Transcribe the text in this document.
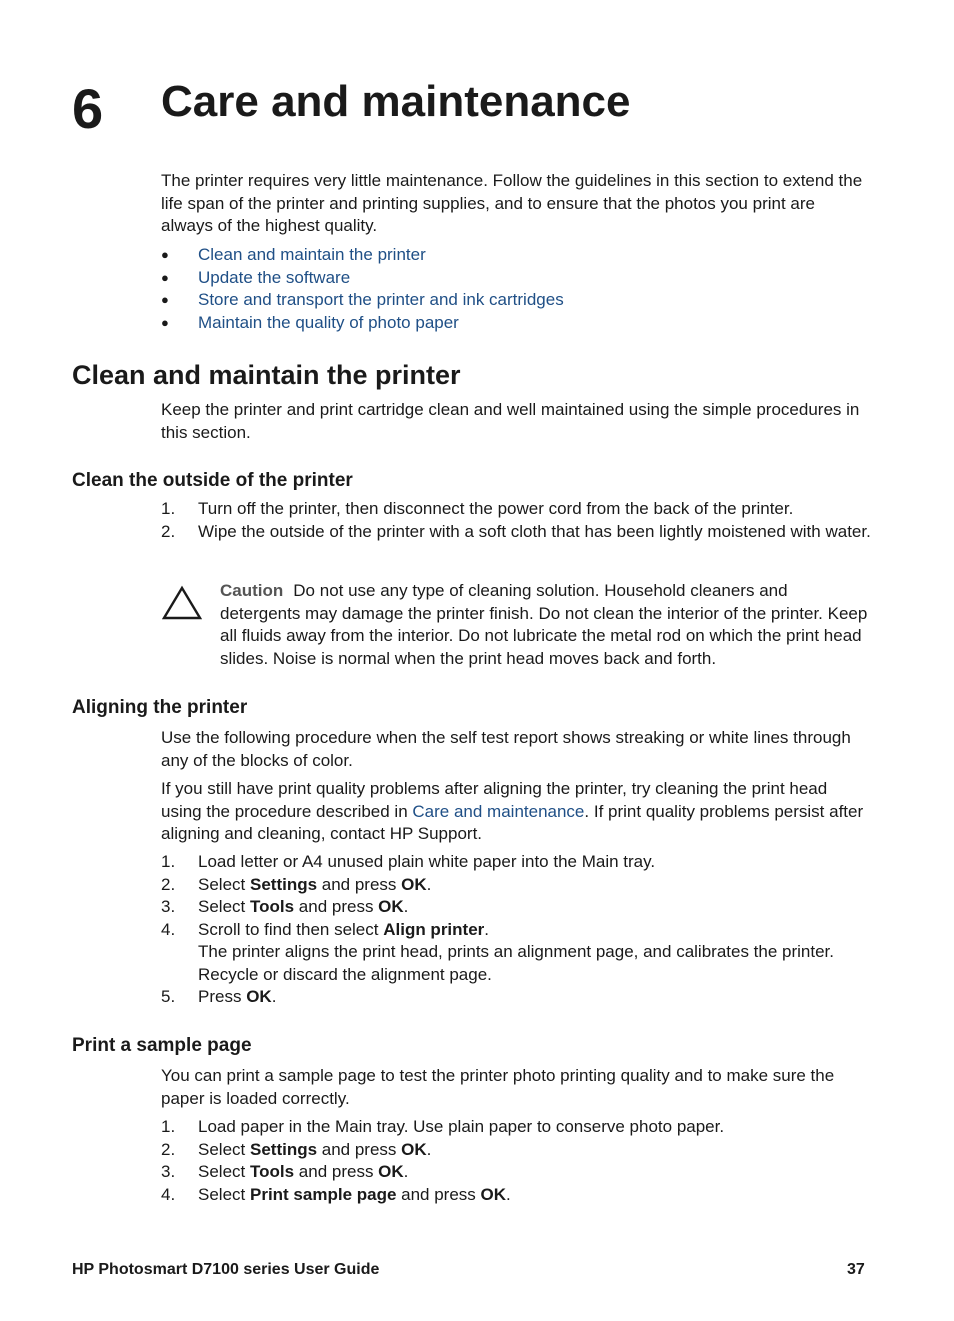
6 Care and maintenance

The printer requires very little maintenance. Follow the guidelines in this section to extend the life span of the printer and printing supplies, and to ensure that the photos you print are always of the highest quality.

● Clean and maintain the printer
● Update the software
● Store and transport the printer and ink cartridges
● Maintain the quality of photo paper
Clean and maintain the printer

Keep the printer and print cartridge clean and well maintained using the simple procedures in this section.

Clean the outside of the printer
1. Turn off the printer, then disconnect the power cord from the back of the printer.
2. Wipe the outside of the printer with a soft cloth that has been lightly moistened with water.

Caution Do not use any type of cleaning solution. Household cleaners and detergents may damage the printer finish. Do not clean the interior of the printer. Keep all fluids away from the interior. Do not lubricate the metal rod on which the print head slides. Noise is normal when the print head moves back and forth.

Aligning the printer

Use the following procedure when the self test report shows streaking or white lines through any of the blocks of color.

If you still have print quality problems after aligning the printer, try cleaning the print head using the procedure described in Care and maintenance. If print quality problems persist after aligning and cleaning, contact HP Support.

1. Load letter or A4 unused plain white paper into the Main tray.
2. Select Settings and press OK.
3. Select Tools and press OK.
4. Scroll to find then select Align printer.
The printer aligns the print head, prints an alignment page, and calibrates the printer. Recycle or discard the alignment page.
5. Press OK.
Print a sample page

You can print a sample page to test the printer photo printing quality and to make sure the paper is loaded correctly.

1. Load paper in the Main tray. Use plain paper to conserve photo paper.
2. Select Settings and press OK.
3. Select Tools and press OK.
4. Select Print sample page and press OK.

HP Photosmart D7100 series User Guide	37
